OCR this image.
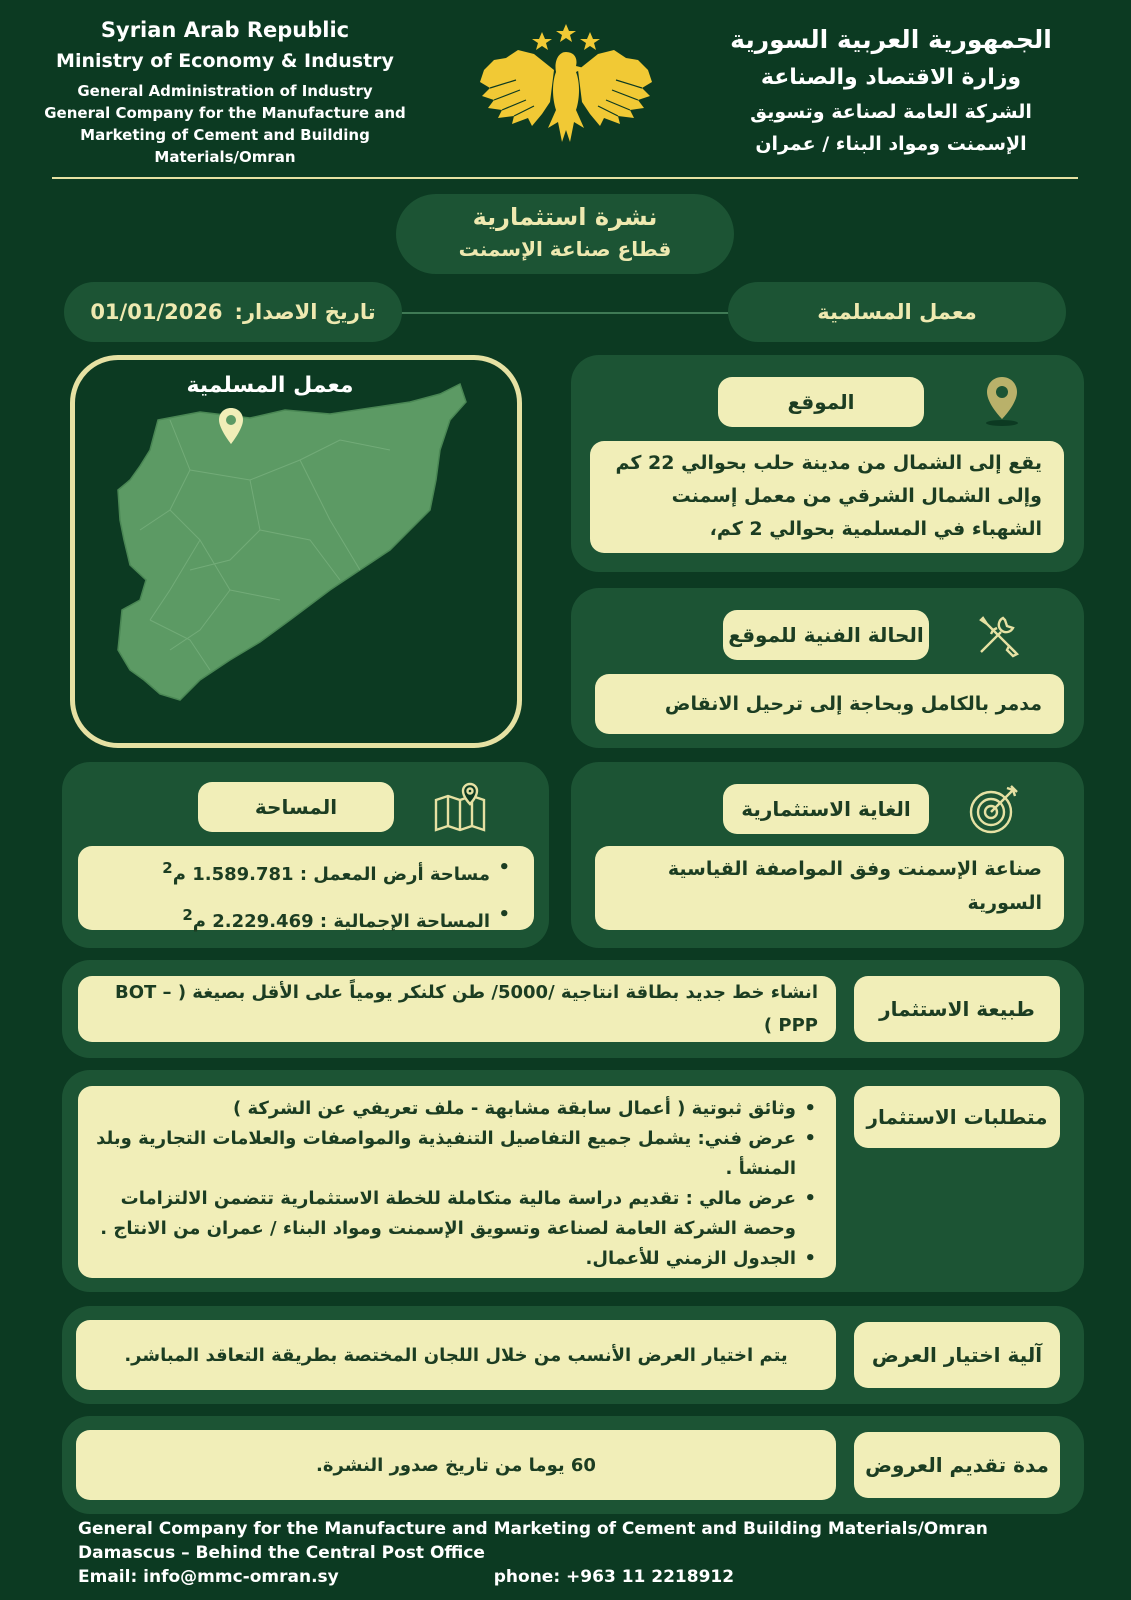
Syrian Arab Republic
Ministry of Economy & Industry
General Administration of Industry
General Company for the Manufacture and Marketing of Cement and Building Materials/Omran
الجمهورية العربية السورية
وزارة الاقتصاد والصناعة
الشركة العامة لصناعة وتسويق
الإسمنت ومواد البناء / عمران
نشرة استثمارية
قطاع صناعة الإسمنت
تاريخ الاصدار:
01/01/2026	معمل المسلمية
معمل المسلمية
الموقع

يقع إلى الشمال من مدينة حلب بحوالي 22 كم وإلى الشمال الشرقي من معمل إسمنت الشهباء في المسلمية بحوالي 2 كم،

الحالة الفنية للموقع

مدمر بالكامل وبحاجة إلى ترحيل الانقاض

المساحة
• مساحة أرض المعمل : 1.589.781 م$^2$
• المساحة الإجمالية : 2.229.469 م$^2$
الغاية الاستثمارية

صناعة الإسمنت وفق المواصفة القياسية السورية

طبيعة الاستثمار

انشاء خط جديد بطاقة انتاجية /5000/ طن كلنكر يومياً على الأقل بصيغة ( BOT – PPP )

متطلبات الاستثمار
• وثائق ثبوتية ( أعمال سابقة مشابهة - ملف تعريفي عن الشركة )
• عرض فني: يشمل جميع التفاصيل التنفيذية والمواصفات والعلامات التجارية وبلد المنشأ .
• عرض مالي : تقديم دراسة مالية متكاملة للخطة الاستثمارية تتضمن الالتزامات وحصة الشركة العامة لصناعة وتسويق الإسمنت ومواد البناء / عمران من الانتاج .
• الجدول الزمني للأعمال.
آلية اختيار العرض

يتم اختيار العرض الأنسب من خلال اللجان المختصة بطريقة التعاقد المباشر.

مدة تقديم العروض

60 يوما من تاريخ صدور النشرة.

General Company for the Manufacture and Marketing of Cement and Building Materials/Omran
Damascus – Behind the Central Post Office
Email: info@mmc-omran.sy	phone: +963 11 2218912
